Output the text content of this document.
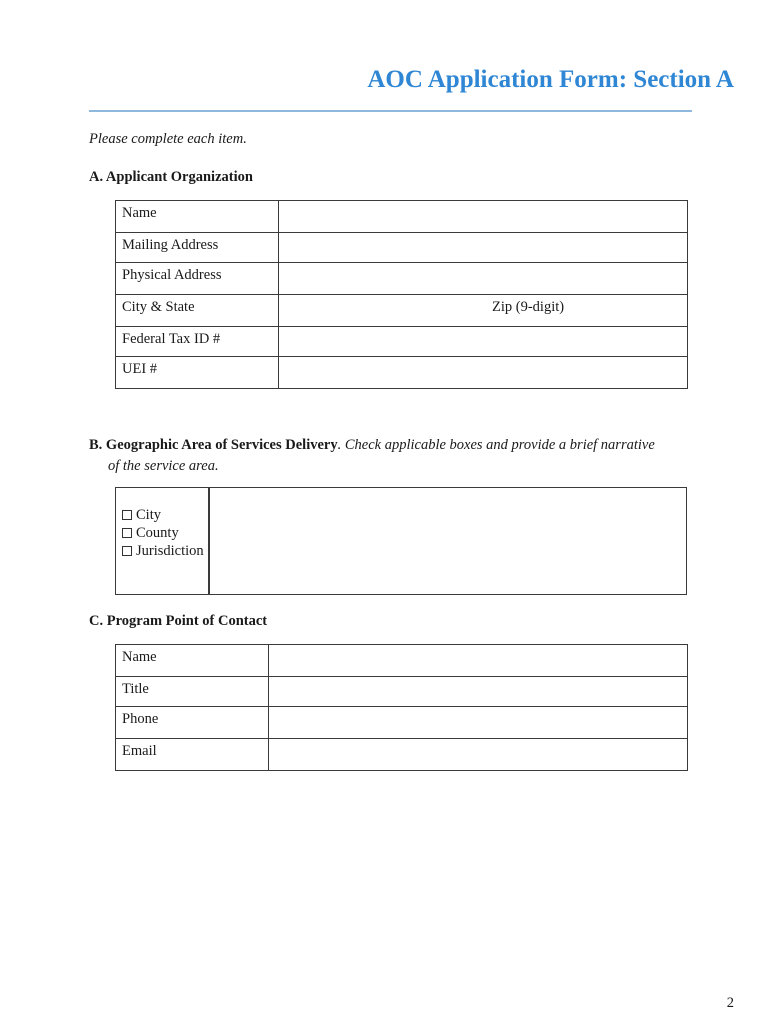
AOC Application Form: Section A
Please complete each item.
A. Applicant Organization
Name	
Mailing Address	
Physical Address	
City & State	Zip (9-digit)

Federal Tax ID #	
UEI #	
B. Geographic Area of Services Delivery. Check applicable boxes and provide a brief narrative
of the service area.
City
County
Jurisdiction
C. Program Point of Contact
Name	
Title	
Phone	
Email	
2
